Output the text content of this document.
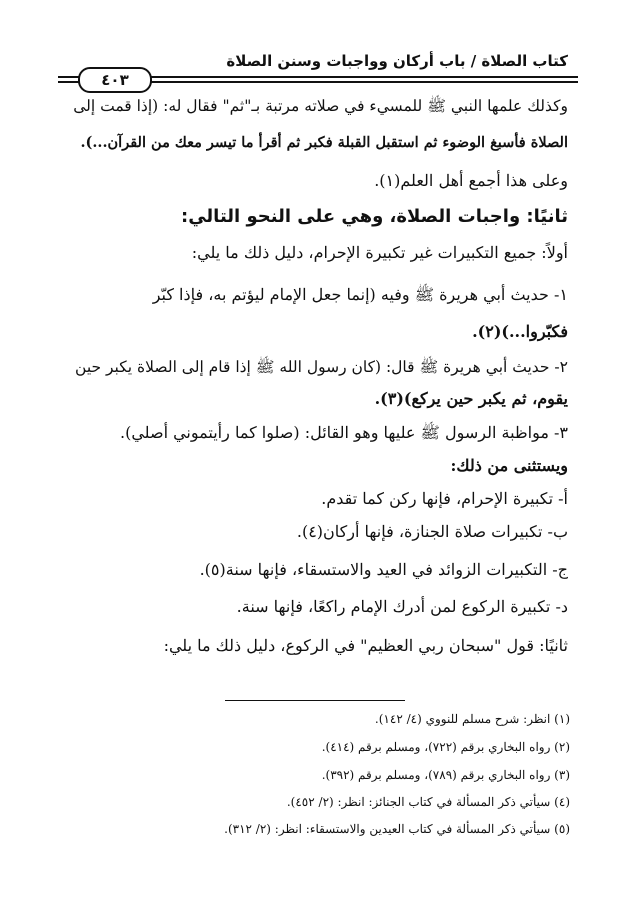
كتاب الصلاة / باب أركان وواجبات وسنن الصلاة
٤٠٣
وكذلك علمها النبي ﷺ للمسيء في صلاته مرتبة بـ"ثم" فقال له: (إذا قمت إلى
الصلاة فأسبغ الوضوء ثم استقبل القبلة فكبر ثم أقرأ ما تيسر معك من القرآن...).
وعلى هذا أجمع أهل العلم(١).
ثانيًا: واجبات الصلاة، وهي على النحو التالي:
أولاً: جميع التكبيرات غير تكبيرة الإحرام، دليل ذلك ما يلي:
١- حديث أبي هريرة ﷺ وفيه (إنما جعل الإمام ليؤتم به، فإذا كبّر
فكبّروا...)(٢).
٢- حديث أبي هريرة ﷺ قال: (كان رسول الله ﷺ إذا قام إلى الصلاة يكبر حين
يقوم، ثم يكبر حين يركع)(٣).
٣- مواظبة الرسول ﷺ عليها وهو القائل: (صلوا كما رأيتموني أصلي).
ويستثنى من ذلك:
أ- تكبيرة الإحرام، فإنها ركن كما تقدم.
ب- تكبيرات صلاة الجنازة، فإنها أركان(٤).
ج- التكبيرات الزوائد في العيد والاستسقاء، فإنها سنة(٥).
د- تكبيرة الركوع لمن أدرك الإمام راكعًا، فإنها سنة.
ثانيًا: قول "سبحان ربي العظيم" في الركوع، دليل ذلك ما يلي:
(١) انظر: شرح مسلم للنووي (٤/ ١٤٢).
(٢) رواه البخاري برقم (٧٢٢)، ومسلم برقم (٤١٤).
(٣) رواه البخاري برقم (٧٨٩)، ومسلم برقم (٣٩٢).
(٤) سيأتي ذكر المسألة في كتاب الجنائز: انظر: (٢/ ٤٥٢).
(٥) سيأتي ذكر المسألة في كتاب العيدين والاستسقاء: انظر: (٢/ ٣١٢).
